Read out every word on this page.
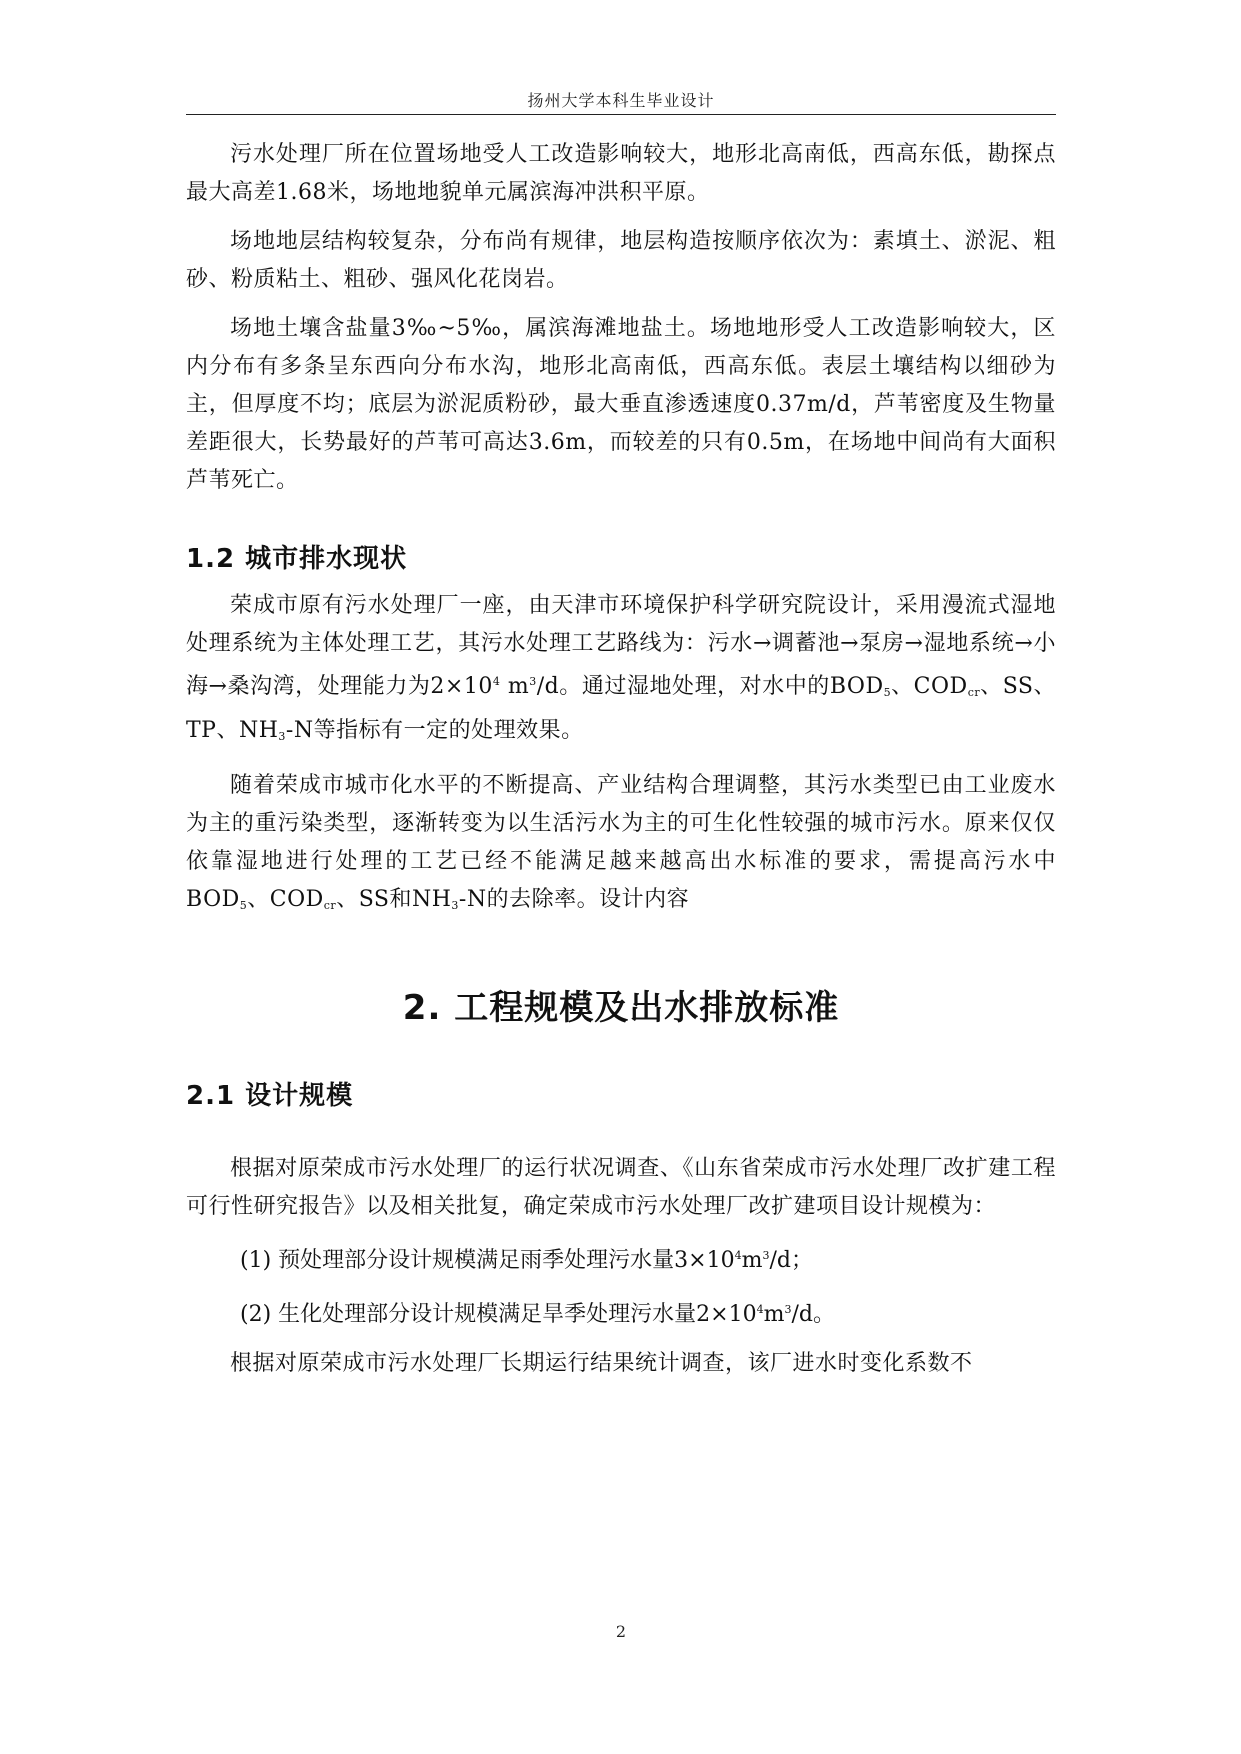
扬州大学本科生毕业设计

污水处理厂所在位置场地受人工改造影响较大，地形北高南低，西高东低，勘探点最大高差1.68米，场地地貌单元属滨海冲洪积平原。

场地地层结构较复杂，分布尚有规律，地层构造按顺序依次为：素填土、淤泥、粗砂、粉质粘土、粗砂、强风化花岗岩。

场地土壤含盐量3‰~5‰，属滨海滩地盐土。场地地形受人工改造影响较大，区内分布有多条呈东西向分布水沟，地形北高南低，西高东低。表层土壤结构以细砂为主，但厚度不均；底层为淤泥质粉砂，最大垂直渗透速度0.37m/d，芦苇密度及生物量差距很大，长势最好的芦苇可高达3.6m，而较差的只有0.5m，在场地中间尚有大面积芦苇死亡。

1.2 城市排水现状

荣成市原有污水处理厂一座，由天津市环境保护科学研究院设计，采用漫流式湿地处理系统为主体处理工艺，其污水处理工艺路线为：污水→调蓄池→泵房→湿地系统→小海→桑沟湾，处理能力为$2\times 10^4$ $m^3/d$。通过湿地处理，对水中的$BOD_5$、$COD_{cr}$、SS、TP、$NH_3-N$等指标有一定的处理效果。

随着荣成市城市化水平的不断提高、产业结构合理调整，其污水类型已由工业废水为主的重污染类型，逐渐转变为以生活污水为主的可生化性较强的城市污水。原来仅仅依靠湿地进行处理的工艺已经不能满足越来越高出水标准的要求，需提高污水中$BOD_5$、$COD_{cr}$、SS和$NH_3-N$的去除率。设计内容

2. 工程规模及出水排放标准
2.1 设计规模

根据对原荣成市污水处理厂的运行状况调查、《山东省荣成市污水处理厂改扩建工程可行性研究报告》以及相关批复，确定荣成市污水处理厂改扩建项目设计规模为：

(1) 预处理部分设计规模满足雨季处理污水量$3\times 10^4m^3/d$；

(2) 生化处理部分设计规模满足旱季处理污水量$2\times 10^4m^3/d$。

根据对原荣成市污水处理厂长期运行结果统计调查，该厂进水时变化系数不

2
